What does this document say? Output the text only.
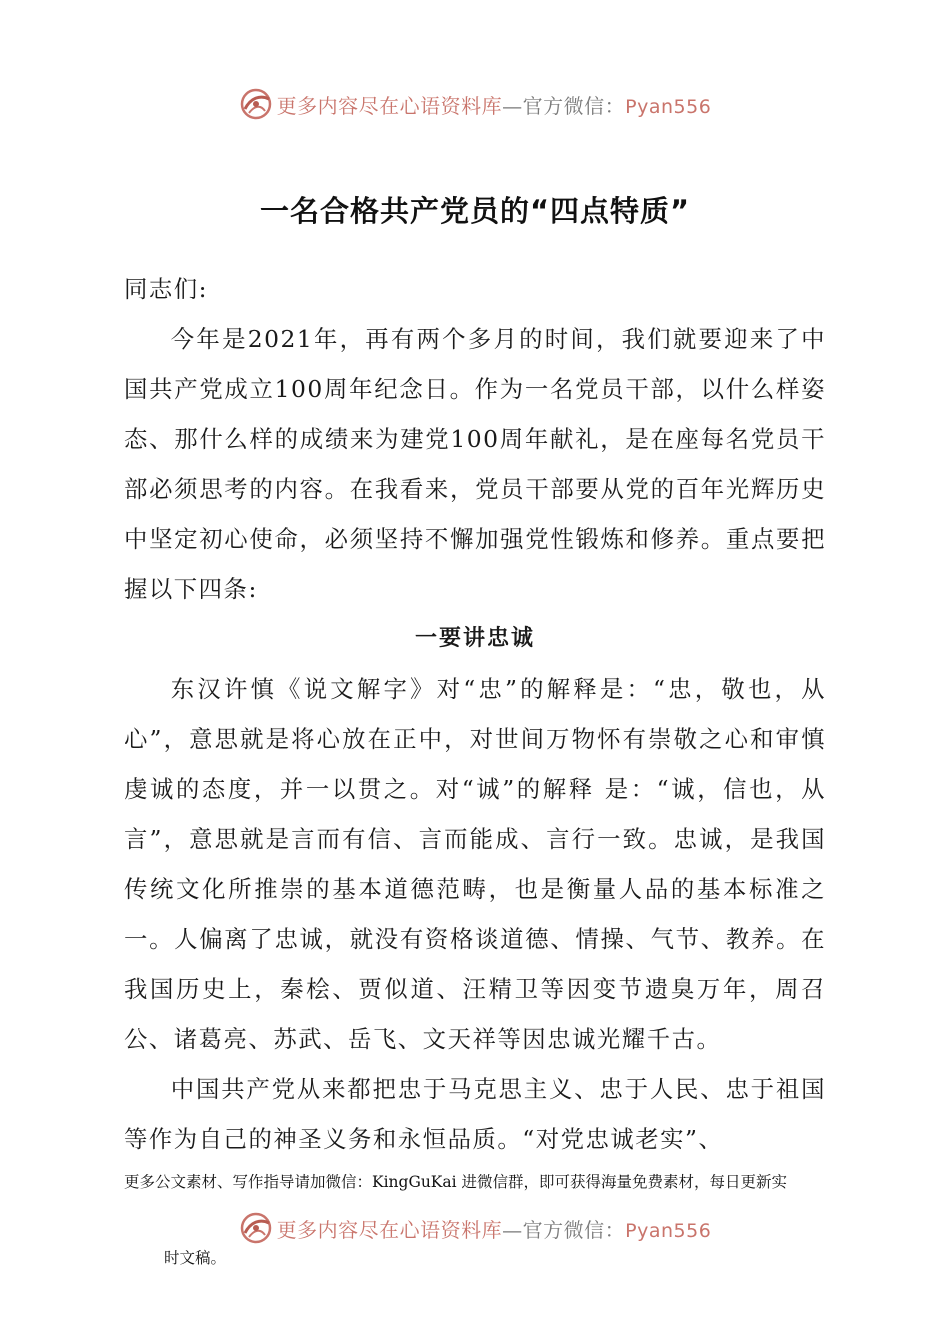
更多内容尽在心语资料库—官方微信：Pyan556
一名合格共产党员的“四点特质”

同志们:

今年是2021年，再有两个多月的时间，我们就要迎来了中国共产党成立100周年纪念日。作为一名党员干部，以什么样姿态、那什么样的成绩来为建党100周年献礼，是在座每名党员干部必须思考的内容。在我看来，党员干部要从党的百年光辉历史中坚定初心使命，必须坚持不懈加强党性锻炼和修养。重点要把握以下四条:

一要讲忠诚

东汉许慎《说文解字》对“忠”的解释是：“忠，敬也，从心”，意思就是将心放在正中，对世间万物怀有崇敬之心和审慎虔诚的态度，并一以贯之。对“诚”的解释 是：“诚，信也，从言”，意思就是言而有信、言而能成、言行一致。忠诚，是我国传统文化所推崇的基本道德范畴，也是衡量人品的基本标准之一。人偏离了忠诚，就没有资格谈道德、情操、气节、教养。在我国历史上，秦桧、贾似道、汪精卫等因变节遗臭万年，周召公、诸葛亮、苏武、岳飞、文天祥等因忠诚光耀千古。

中国共产党从来都把忠于马克思主义、忠于人民、忠于祖国等作为自己的神圣义务和永恒品质。“对党忠诚老实”、

更多公文素材、写作指导请加微信：KingGuKai 进微信群，即可获得海量免费素材，每日更新实
更多内容尽在心语资料库—官方微信：Pyan556
时文稿。
